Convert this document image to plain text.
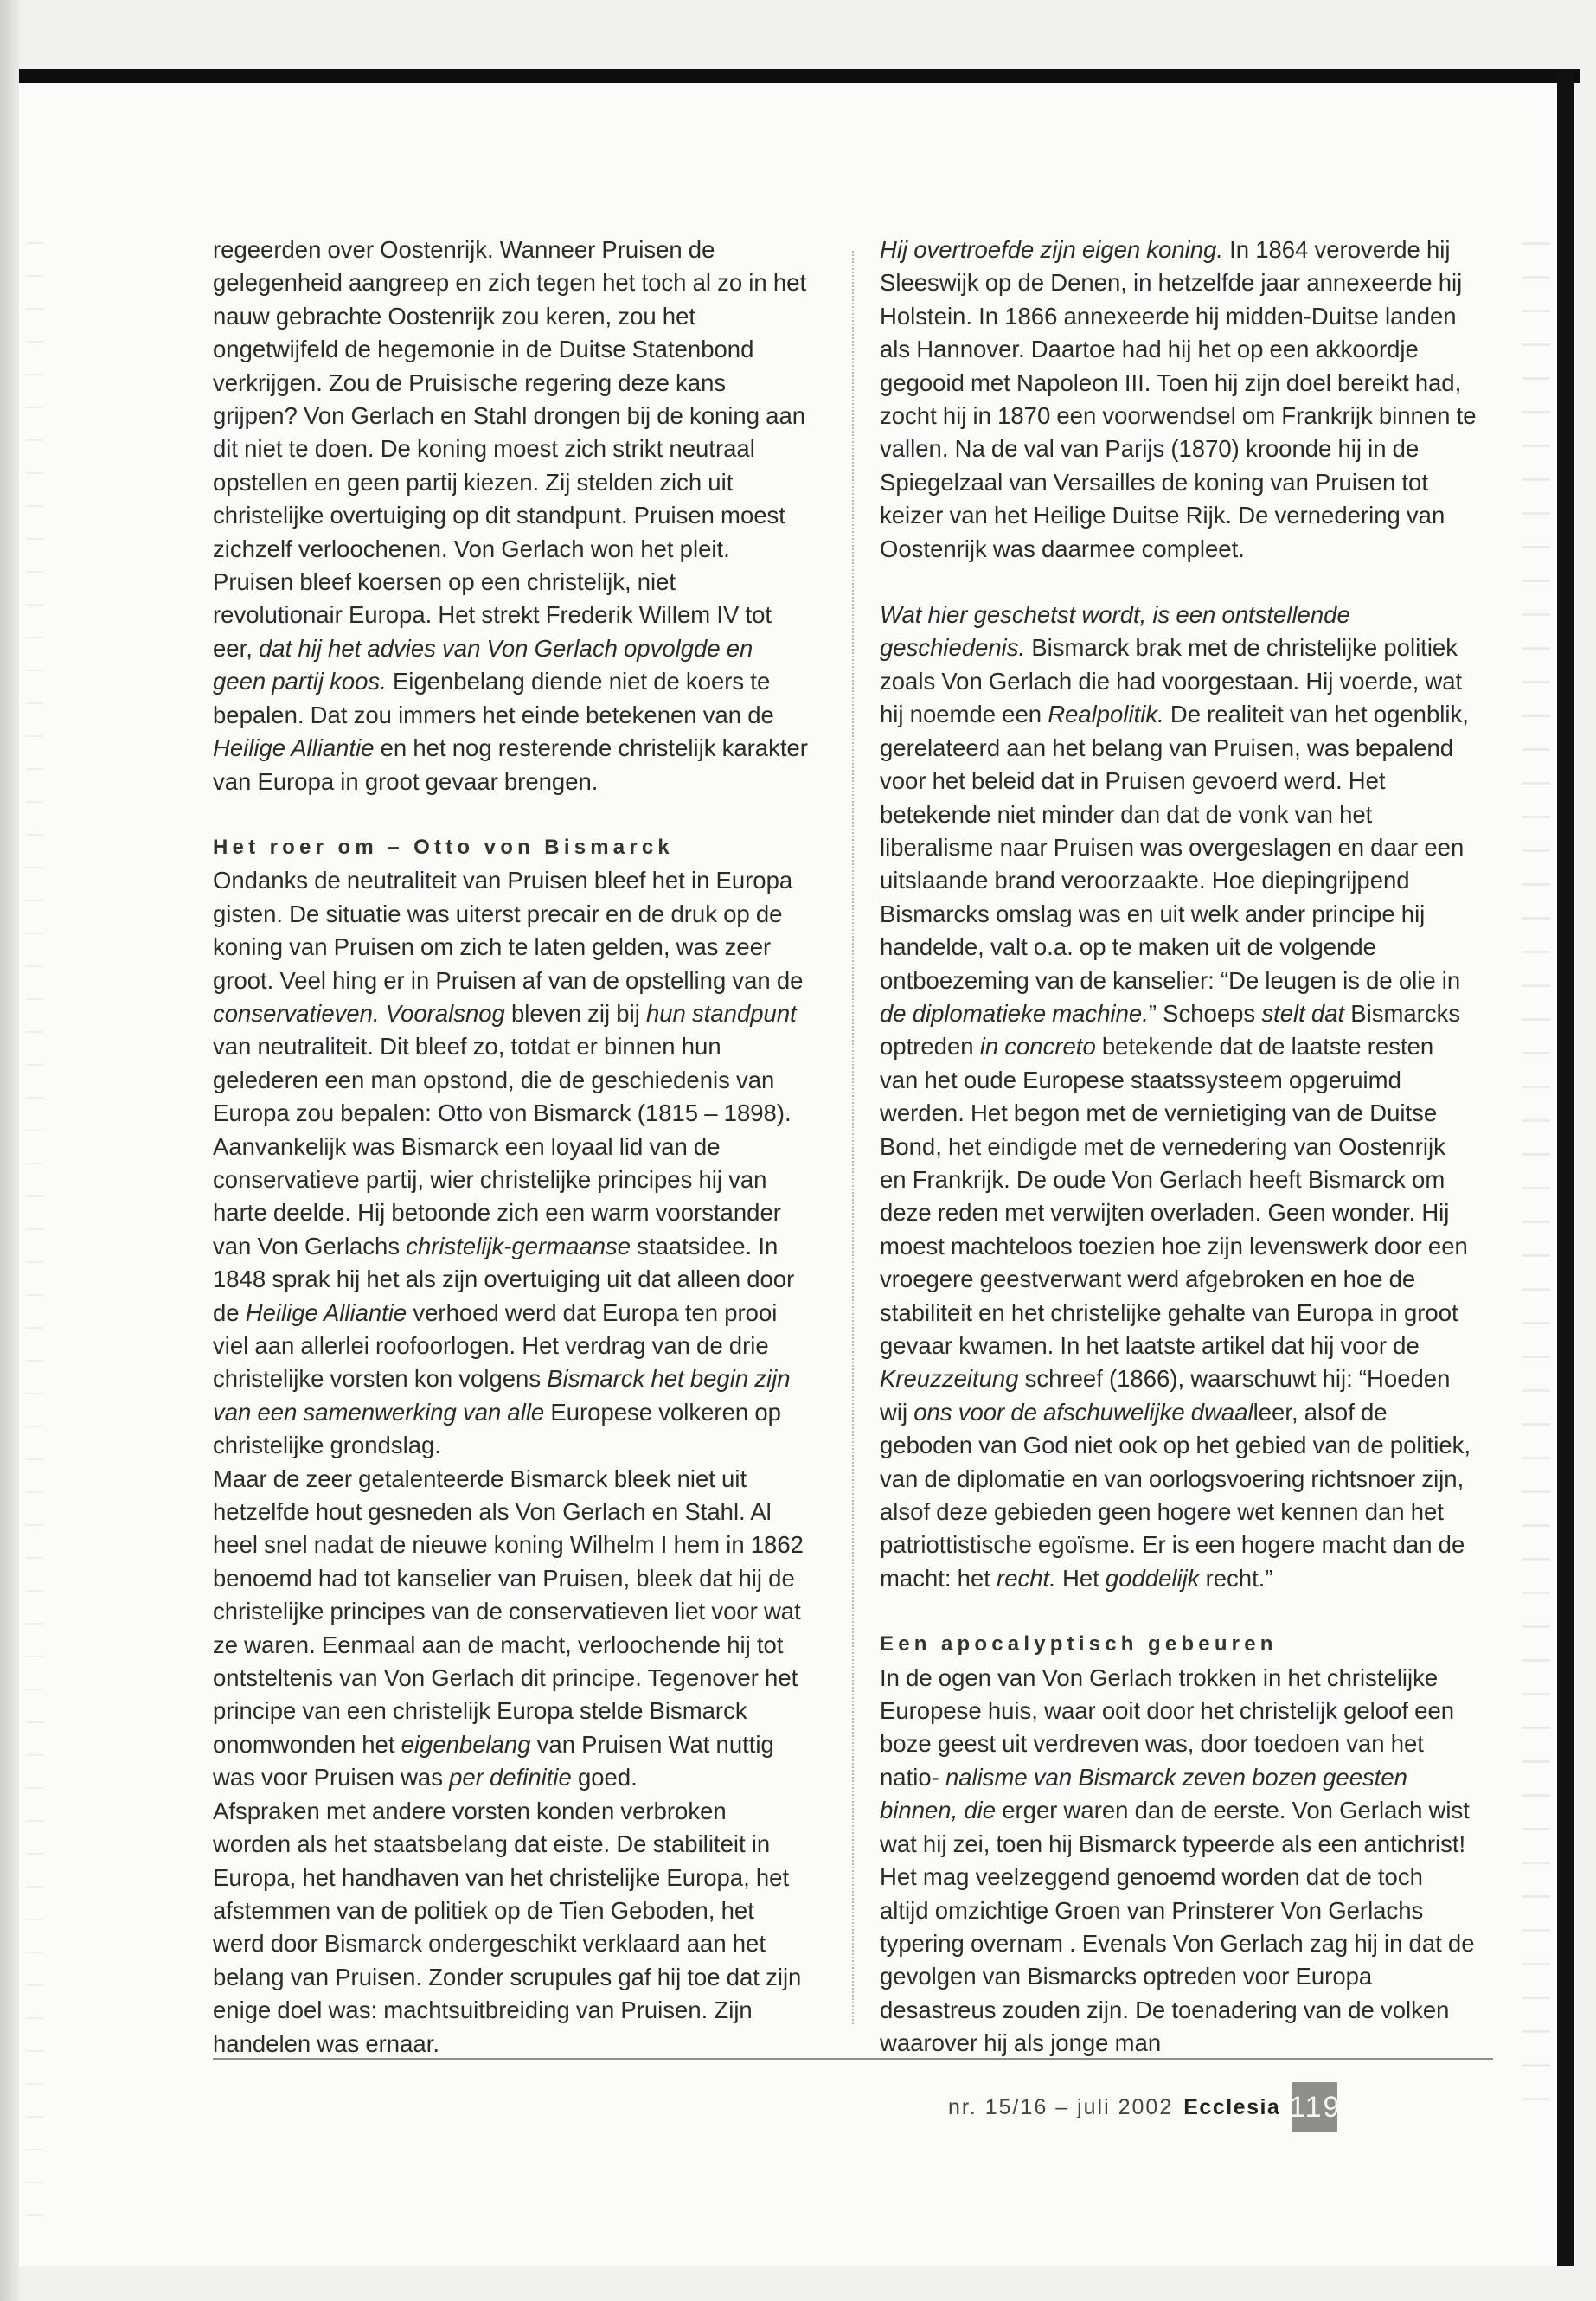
regeerden over Oostenrijk. Wanneer Pruisen de gelegenheid aangreep en zich tegen het toch al zo in het nauw gebrachte Oostenrijk zou keren, zou het ongetwijfeld de hegemonie in de Duitse Statenbond verkrijgen. Zou de Pruisische regering deze kans grijpen? Von Gerlach en Stahl drongen bij de koning aan dit niet te doen. De koning moest zich strikt neutraal opstellen en geen partij kiezen. Zij stelden zich uit christelijke overtuiging op dit standpunt. Pruisen moest zichzelf verloochenen. Von Gerlach won het pleit. Pruisen bleef koersen op een christelijk, niet revolutionair Europa. Het strekt Frederik Willem IV tot eer, dat hij het advies van Von Gerlach opvolgde en geen partij koos. Eigenbelang diende niet de koers te bepalen. Dat zou immers het einde betekenen van de Heilige Alliantie en het nog resterende christelijk karakter van Europa in groot gevaar brengen.

Het roer om – Otto von Bismarck

Ondanks de neutraliteit van Pruisen bleef het in Europa gisten. De situatie was uiterst precair en de druk op de koning van Pruisen om zich te laten gelden, was zeer groot. Veel hing er in Pruisen af van de opstelling van de conservatieven. Vooralsnog bleven zij bij hun standpunt van neutraliteit. Dit bleef zo, totdat er binnen hun gelederen een man opstond, die de geschiedenis van Europa zou bepalen: Otto von Bismarck (1815 – 1898). Aanvankelijk was Bismarck een loyaal lid van de conservatieve partij, wier christelijke principes hij van harte deelde. Hij betoonde zich een warm voorstander van Von Gerlachs christelijk-germaanse staatsidee. In 1848 sprak hij het als zijn overtuiging uit dat alleen door de Heilige Alliantie verhoed werd dat Europa ten prooi viel aan allerlei roofoorlogen. Het verdrag van de drie christelijke vorsten kon volgens Bismarck het begin zijn van een samenwerking van alle Europese volkeren op christelijke grondslag.

Maar de zeer getalenteerde Bismarck bleek niet uit hetzelfde hout gesneden als Von Gerlach en Stahl. Al heel snel nadat de nieuwe koning Wilhelm I hem in 1862 benoemd had tot kanselier van Pruisen, bleek dat hij de christelijke principes van de conservatieven liet voor wat ze waren. Eenmaal aan de macht, verloochende hij tot ontsteltenis van Von Gerlach dit principe. Tegenover het principe van een christelijk Europa stelde Bismarck onomwonden het eigenbelang van Pruisen Wat nuttig was voor Pruisen was per definitie goed.

Afspraken met andere vorsten konden verbroken worden als het staatsbelang dat eiste. De stabiliteit in Europa, het handhaven van het christelijke Europa, het afstemmen van de politiek op de Tien Geboden, het werd door Bismarck ondergeschikt verklaard aan het belang van Pruisen. Zonder scrupules gaf hij toe dat zijn enige doel was: machtsuitbreiding van Pruisen. Zijn handelen was ernaar.

Hij overtroefde zijn eigen koning. In 1864 veroverde hij Sleeswijk op de Denen, in hetzelfde jaar annexeerde hij Holstein. In 1866 annexeerde hij midden-Duitse landen als Hannover. Daartoe had hij het op een akkoordje gegooid met Napoleon III. Toen hij zijn doel bereikt had, zocht hij in 1870 een voorwendsel om Frankrijk binnen te vallen. Na de val van Parijs (1870) kroonde hij in de Spiegelzaal van Versailles de koning van Pruisen tot keizer van het Heilige Duitse Rijk. De vernedering van Oostenrijk was daarmee compleet.

Wat hier geschetst wordt, is een ontstellende geschiedenis. Bismarck brak met de christelijke politiek zoals Von Gerlach die had voorgestaan. Hij voerde, wat hij noemde een Realpolitik. De realiteit van het ogenblik, gerelateerd aan het belang van Pruisen, was bepalend voor het beleid dat in Pruisen gevoerd werd. Het betekende niet minder dan dat de vonk van het liberalisme naar Pruisen was overgeslagen en daar een uitslaande brand veroorzaakte. Hoe diepingrijpend Bismarcks omslag was en uit welk ander principe hij handelde, valt o.a. op te maken uit de volgende ontboezeming van de kanselier: “De leugen is de olie in de diplomatieke machine.” Schoeps stelt dat Bismarcks optreden in concreto betekende dat de laatste resten van het oude Europese staatssysteem opgeruimd werden. Het begon met de vernietiging van de Duitse Bond, het eindigde met de vernedering van Oostenrijk en Frankrijk. De oude Von Gerlach heeft Bismarck om deze reden met verwijten overladen. Geen wonder. Hij moest machteloos toezien hoe zijn levenswerk door een vroegere geestverwant werd afgebroken en hoe de stabiliteit en het christelijke gehalte van Europa in groot gevaar kwamen. In het laatste artikel dat hij voor de Kreuzzeitung schreef (1866), waarschuwt hij: “Hoeden wij ons voor de afschuwelijke dwaalleer, alsof de geboden van God niet ook op het gebied van de politiek, van de diplomatie en van oorlogsvoering richtsnoer zijn, alsof deze gebieden geen hogere wet kennen dan het patriottistische egoïsme. Er is een hogere macht dan de macht: het recht. Het goddelijk recht.”

Een apocalyptisch gebeuren

In de ogen van Von Gerlach trokken in het christelijke Europese huis, waar ooit door het christelijk geloof een boze geest uit verdreven was, door toedoen van het natio- nalisme van Bismarck zeven bozen geesten binnen, die erger waren dan de eerste. Von Gerlach wist wat hij zei, toen hij Bismarck typeerde als een antichrist! Het mag veelzeggend genoemd worden dat de toch altijd omzichtige Groen van Prinsterer Von Gerlachs typering overnam . Evenals Von Gerlach zag hij in dat de gevolgen van Bismarcks optreden voor Europa desastreus zouden zijn. De toenadering van de volken waarover hij als jonge man

nr. 15/16 – juli 2002 Ecclesia 119
